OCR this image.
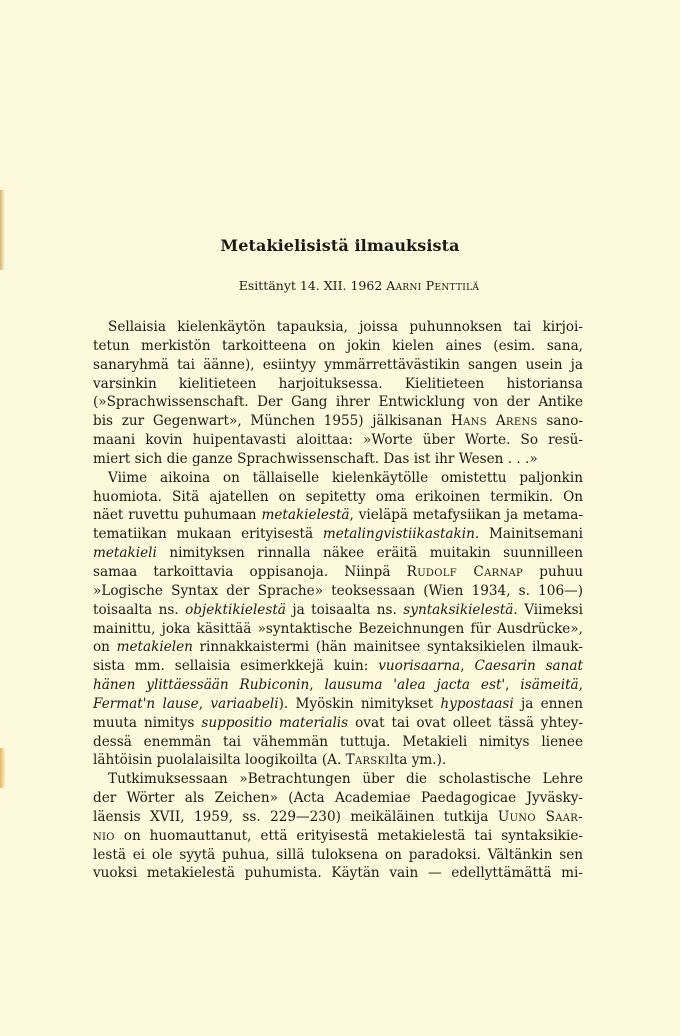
Metakielisistä ilmauksista
Esittänyt 14. XII. 1962 Aarni Penttilä
Sellaisia kielenkäytön tapauksia, joissa puhunnoksen tai kirjoi-
tetun merkistön tarkoitteena on jokin kielen aines (esim. sana,
sanaryhmä tai äänne), esiintyy ymmärrettävästikin sangen usein ja
varsinkin kielitieteen harjoituksessa. Kielitieteen historiansa
(»Sprachwissenschaft. Der Gang ihrer Entwicklung von der Antike
bis zur Gegenwart», München 1955) jälkisanan Hans Arens sano-
maani kovin huipentavasti aloittaa: »Worte über Worte. So resü-
miert sich die ganze Sprachwissenschaft. Das ist ihr Wesen . . .»
Viime aikoina on tällaiselle kielenkäytölle omistettu paljonkin
huomiota. Sitä ajatellen on sepitetty oma erikoinen termikin. On
näet ruvettu puhumaan metakielestä, vieläpä metafysiikan ja metama-
tematiikan mukaan erityisestä metalingvistiikastakin. Mainitsemani
metakieli nimityksen rinnalla näkee eräitä muitakin suunnilleen
samaa tarkoittavia oppisanoja. Niinpä Rudolf Carnap puhuu
»Logische Syntax der Sprache» teoksessaan (Wien 1934, s. 106—)
toisaalta ns. objektikielestä ja toisaalta ns. syntaksikielestä. Viimeksi
mainittu, joka käsittää »syntaktische Bezeichnungen für Ausdrücke»,
on metakielen rinnakkaistermi (hän mainitsee syntaksikielen ilmauk-
sista mm. sellaisia esimerkkejä kuin: vuorisaarna, Caesarin sanat
hänen ylittäessään Rubiconin, lausuma 'alea jacta est', isämeitä,
Fermat'n lause, variaabeli). Myöskin nimitykset hypostaasi ja ennen
muuta nimitys suppositio materialis ovat tai ovat olleet tässä yhtey-
dessä enemmän tai vähemmän tuttuja. Metakieli nimitys lienee
lähtöisin puolalaisilta loogikoilta (A. Tarskilta ym.).
Tutkimuksessaan »Betrachtungen über die scholastische Lehre
der Wörter als Zeichen» (Acta Academiae Paedagogicae Jyväsky-
läensis XVII, 1959, ss. 229—230) meikäläinen tutkija Uuno Saar-
nio on huomauttanut, että erityisestä metakielestä tai syntaksikie-
lestä ei ole syytä puhua, sillä tuloksena on paradoksi. Vältänkin sen
vuoksi metakielestä puhumista. Käytän vain — edellyttämättä mi-
